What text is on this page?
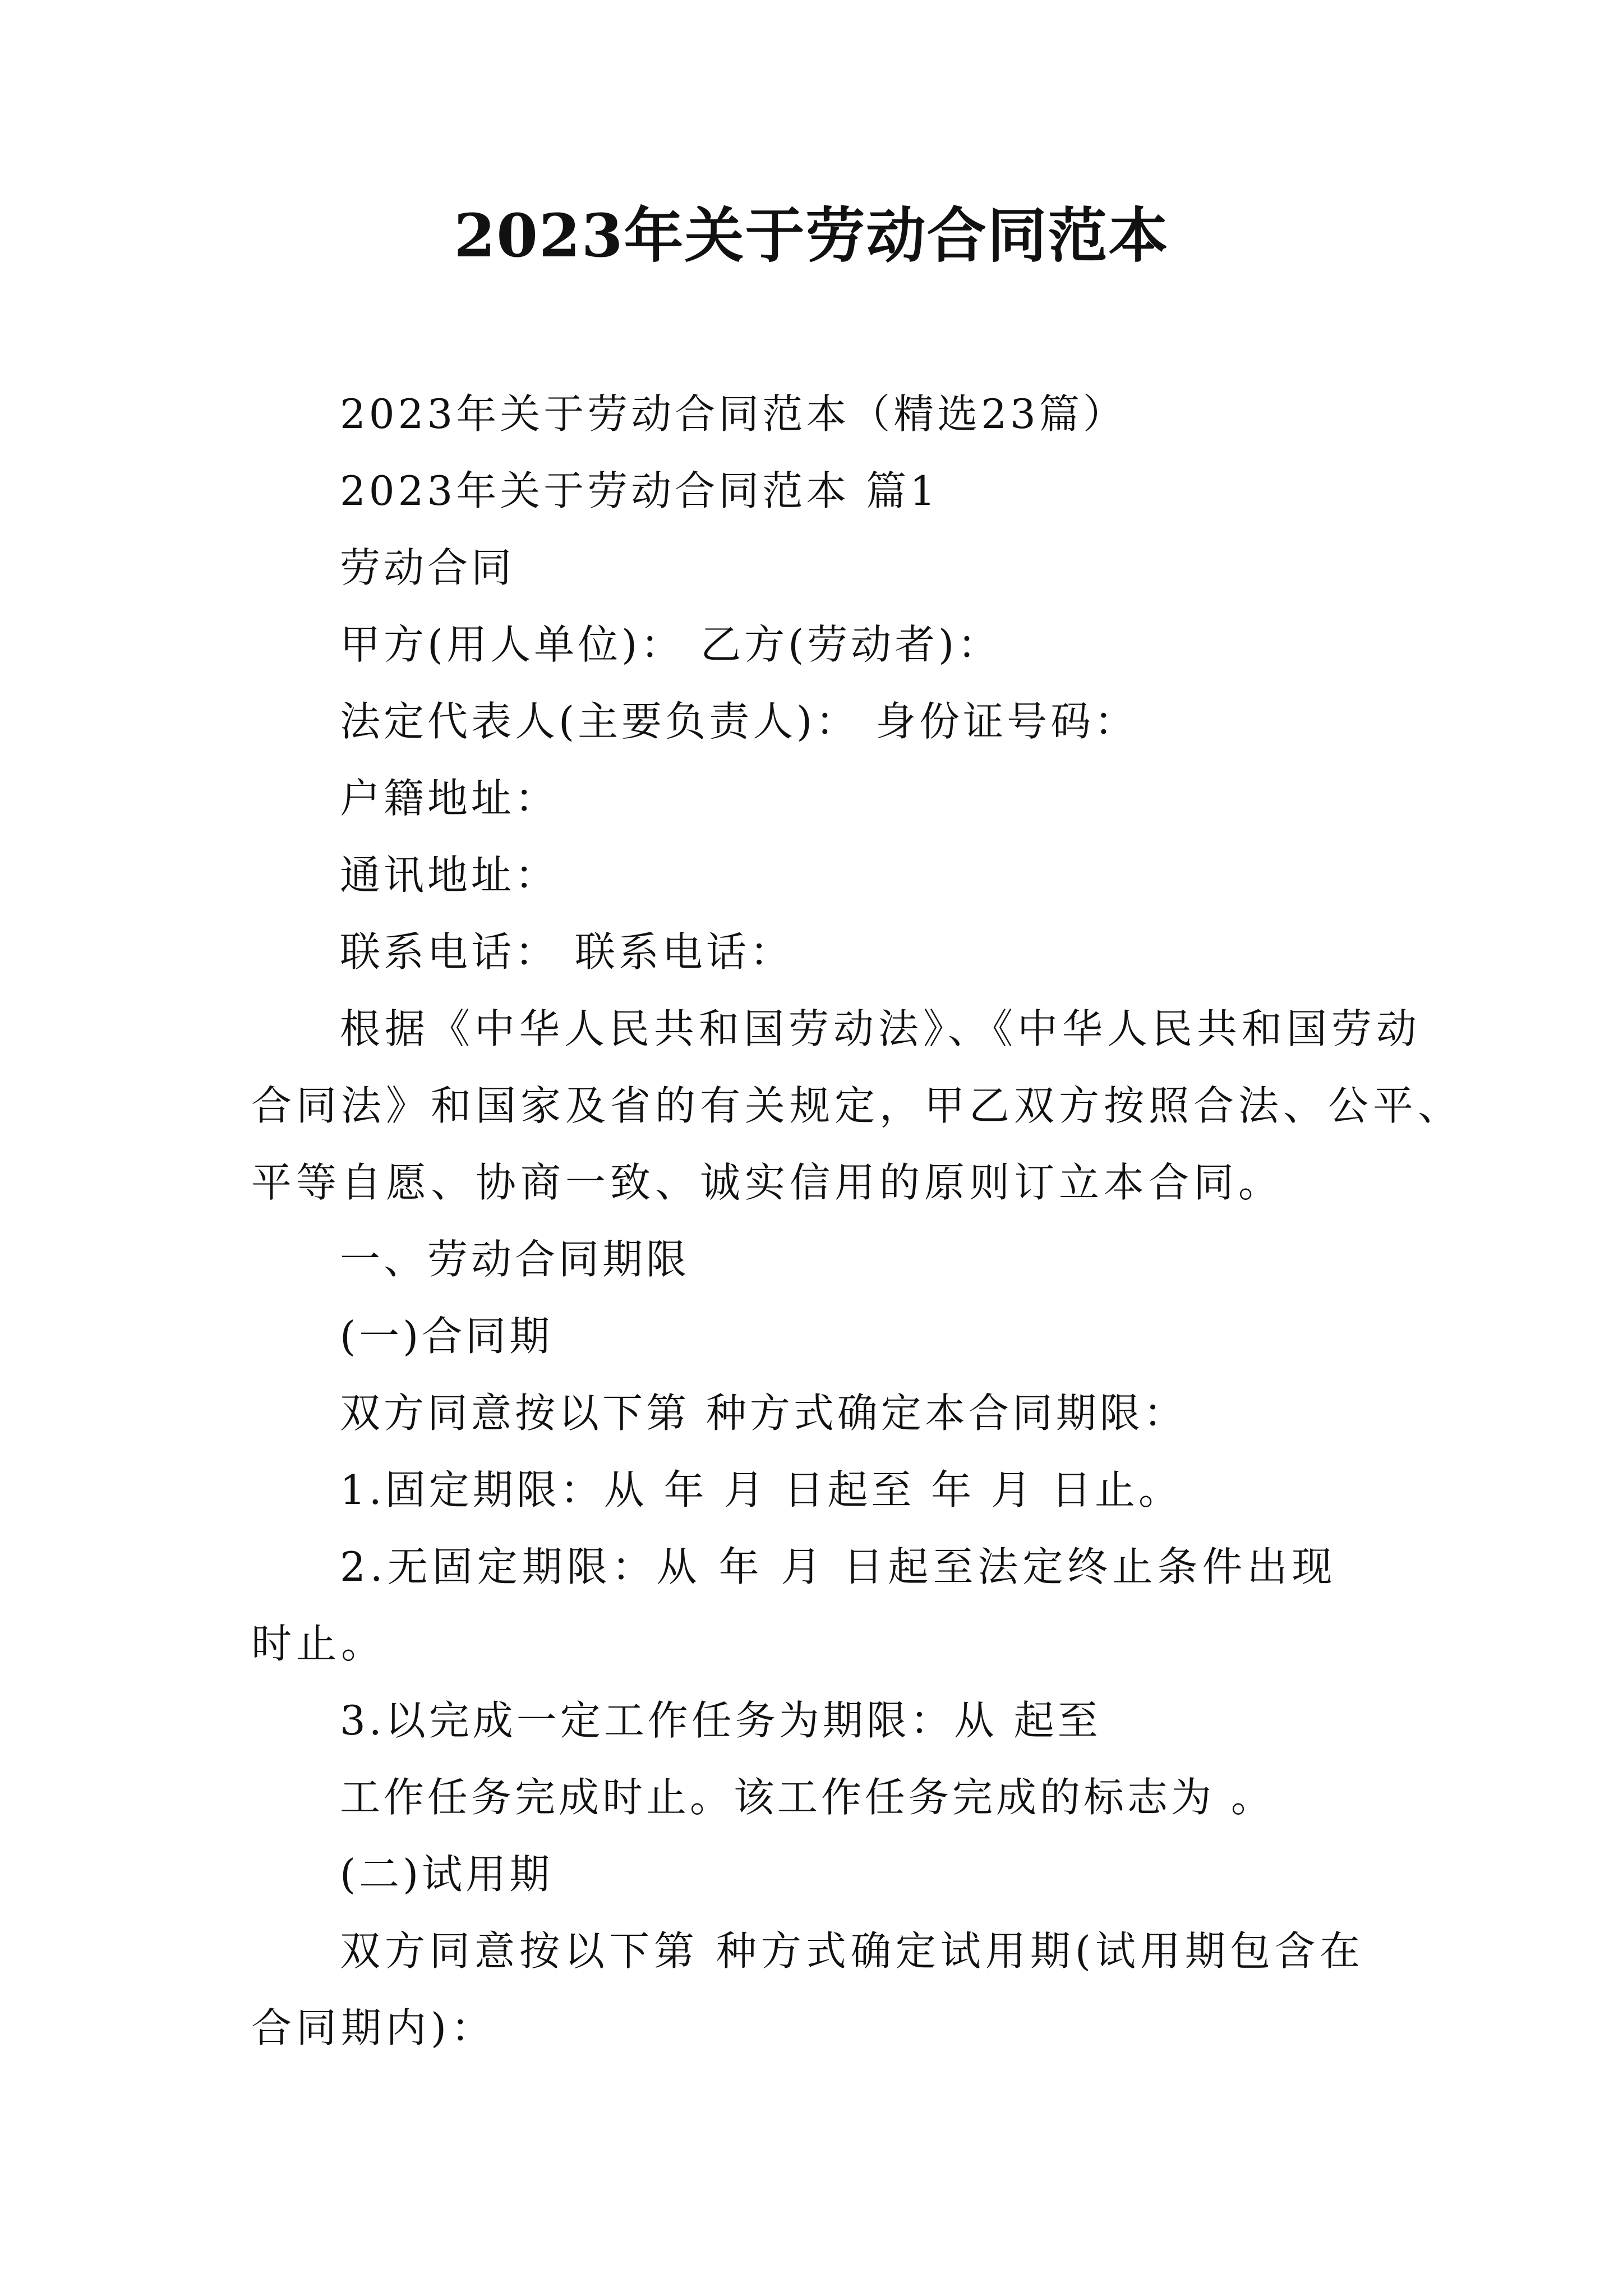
2023年关于劳动合同范本
2023年关于劳动合同范本（精选23篇）
2023年关于劳动合同范本 篇1
劳动合同
甲方(用人单位)： 乙方(劳动者)：
法定代表人(主要负责人)： 身份证号码：
户籍地址：
通讯地址：
联系电话： 联系电话：
根据《中华人民共和国劳动法》、《中华人民共和国劳动
合同法》和国家及省的有关规定，甲乙双方按照合法、公平、
平等自愿、协商一致、诚实信用的原则订立本合同。
一、劳动合同期限
(一)合同期
双方同意按以下第 种方式确定本合同期限：
1.固定期限：从 年 月 日起至 年 月 日止。
2.无固定期限：从 年 月 日起至法定终止条件出现
时止。
3.以完成一定工作任务为期限：从 起至
工作任务完成时止。该工作任务完成的标志为 。
(二)试用期
双方同意按以下第 种方式确定试用期(试用期包含在
合同期内)：
